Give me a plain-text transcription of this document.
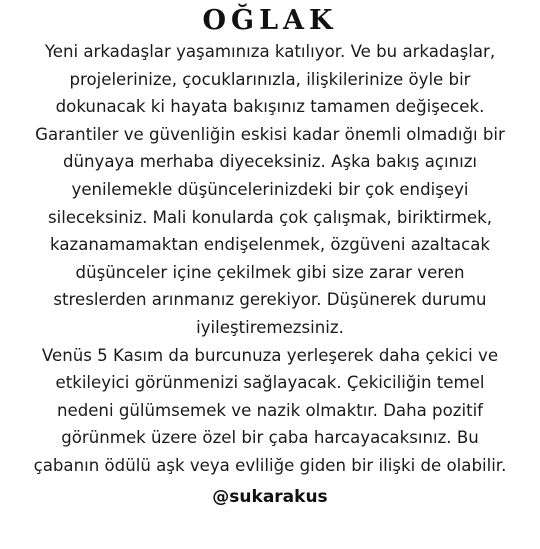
OĞLAK

Yeni arkadaşlar yaşamınıza katılıyor. Ve bu arkadaşlar,
projelerinize, çocuklarınızla, ilişkilerinize öyle bir
dokunacak ki hayata bakışınız tamamen değişecek.
Garantiler ve güvenliğin eskisi kadar önemli olmadığı bir
dünyaya merhaba diyeceksiniz. Aşka bakış açınızı
yenilemekle düşüncelerinizdeki bir çok endişeyi
sileceksiniz. Mali konularda çok çalışmak, biriktirmek,
kazanamamaktan endişelenmek, özgüveni azaltacak
düşünceler içine çekilmek gibi size zarar veren
streslerden arınmanız gerekiyor. Düşünerek durumu
iyileştiremezsiniz.

Venüs 5 Kasım da burcunuza yerleşerek daha çekici ve
etkileyici görünmenizi sağlayacak. Çekiciliğin temel
nedeni gülümsemek ve nazik olmaktır. Daha pozitif
görünmek üzere özel bir çaba harcayacaksınız. Bu
çabanın ödülü aşk veya evliliğe giden bir ilişki de olabilir.

@sukarakus
